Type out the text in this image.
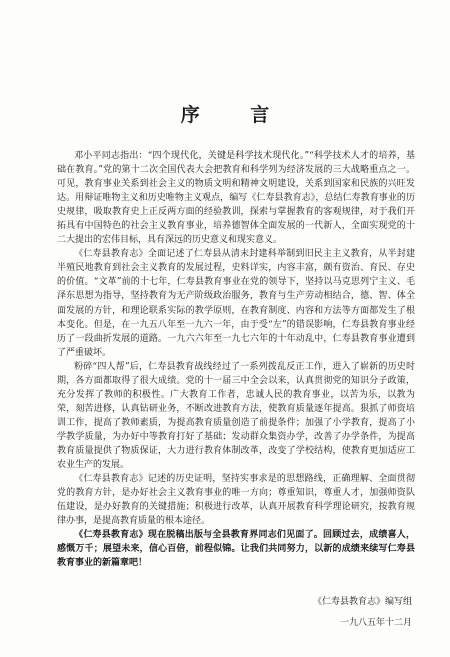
序 言

邓小平同志指出：“四个现代化，关键是科学技术现代化。”“科学技术人才的培养，基础在教育。”党的第十二次全国代表大会把教育和科学列为经济发展的三大战略重点之一。可见，教育事业关系到社会主义的物质文明和精神文明建设，关系到国家和民族的兴旺发达。用辩证唯物主义和历史唯物主义观点，编写《仁寿县教育志》，总结仁寿教育事业的历史规律，吸取教育史上正反两方面的经验教训，探索与掌握教育的客观规律，对于我们开拓具有中国特色的社会主义教育事业，培养德智体全面发展的一代新人，全面实现党的十二大提出的宏伟目标，具有深远的历史意义和现实意义。

《仁寿县教育志》全面记述了仁寿县从清末封建科举制到旧民主主义教育，从半封建半殖民地教育到社会主义教育的发展过程，史料详实，内容丰富，颇有资治、育民、存史的价值。“文革”前的十七年，仁寿县教育事业在党的领导下，坚持以马克思列宁主义、毛泽东思想为指导，坚持教育为无产阶级政治服务，教育与生产劳动相结合，德、智、体全面发展的方针，和理论联系实际的教学原则，在教育制度、内容和方法等方面都发生了根本变化。但是，在一九五八年至一九六一年，由于受“左”的错误影响，仁寿县教育事业经历了一段曲折发展的道路。一九六六年至一九七六年的十年动乱中，仁寿县教育事业遭到了严重破坏。

粉碎“四人帮”后，仁寿县教育战线经过了一系列拨乱反正工作，进入了崭新的历史时期，各方面都取得了很大成绩。党的十一届三中全会以来，认真贯彻党的知识分子政策，充分发挥了教师的积极性。广大教育工作者，忠诚人民的教育事业，以苦为乐，以教为荣，刻苦进修，认真钻研业务，不断改进教育方法，使教育质量逐年提高。狠抓了师资培训工作，提高了教师素质，为提高教育质量创造了前提条件；加强了小学教育，提高了小学教学质量，为办好中等教育打好了基础；发动群众集资办学，改善了办学条件，为提高教育质量提供了物质保证，大力进行教育体制改革，改变了学校结构，使教育更加适应工农业生产的发展。

《仁寿县教育志》记述的历史证明，坚持实事求是的思想路线，正确理解、全面贯彻党的教育方针，是办好社会主义教育事业的唯一方向；尊重知识，尊重人才，加强师资队伍建设，是办好教育的关键措施；积极进行改革，认真开展教育科学理论研究，按教育规律办事，是提高教育质量的根本途径。

《仁寿县教育志》现在脱稿出版与全县教育界同志们见面了。回顾过去，成绩喜人，感慨万千；展望未来，信心百倍，前程似锦。让我们共同努力，以新的成绩来续写仁寿县教育事业的新篇章吧！

《仁寿县教育志》编写组
一九八五年十二月
